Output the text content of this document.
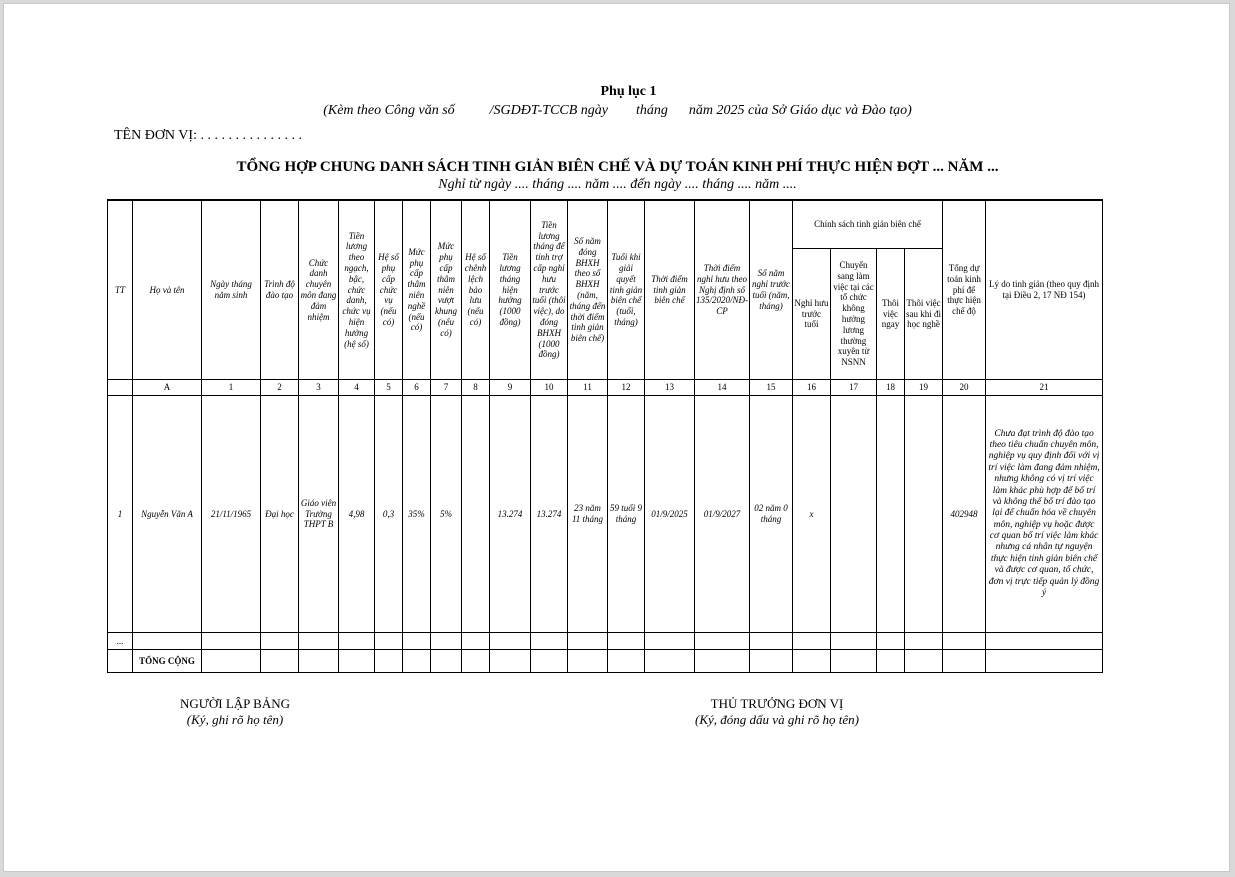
Phụ lục 1
(Kèm theo Công văn số          /SGDĐT-TCCB ngày        tháng      năm 2025 của Sở Giáo dục và Đào tạo)
TÊN ĐƠN VỊ: . . . . . . . . . . . . . . .
TỔNG HỢP CHUNG DANH SÁCH TINH GIẢN BIÊN CHẾ VÀ DỰ TOÁN KINH PHÍ THỰC HIỆN ĐỢT ... NĂM ...
Nghỉ từ ngày .... tháng .... năm .... đến ngày .... tháng .... năm ....
TT	Họ và tên	Ngày tháng năm sinh	Trình độ đào tạo	Chức danh chuyên môn đang đảm nhiệm	Tiền lương theo ngạch, bậc, chức danh, chức vụ hiện hưởng (hệ số)	Hệ số phụ cấp chức vụ (nếu có)	Mức phụ cấp thâm niên nghề (nếu có)	Mức phụ cấp thâm niên vượt khung (nếu có)	Hệ số chênh lệch bảo lưu (nếu có)	Tiền lương tháng hiện hưởng (1000 đồng)	Tiền lương tháng để tính trợ cấp nghỉ hưu trước tuổi (thôi việc), do đóng BHXH (1000 đồng)	Số năm đóng BHXH theo sổ BHXH (năm, tháng đến thời điểm tinh giản biên chế)	Tuổi khi giải quyết tinh giản biên chế (tuổi, tháng)	Thời điểm tinh giản biên chế	Thời điểm nghỉ hưu theo Nghị định số 135/2020/NĐ-CP	Số năm nghỉ trước tuổi (năm, tháng)	Chính sách tinh giản biên chế				Tổng dự toán kinh phí để thực hiện chế độ	Lý do tinh giản (theo quy định tại Điều 2, 17 NĐ 154)
																	Nghỉ hưu trước tuổi	Chuyển sang làm việc tại các tổ chức không hưởng lương thường xuyên từ NSNN	Thôi việc ngay	Thôi việc sau khi đi học nghề		
	A	1	2	3	4	5	6	7	8	9	10	11	12	13	14	15	16	17	18	19	20	21
1	Nguyễn Văn A	21/11/1965	Đại học	Giáo viên Trường THPT B	4,98	0,3	35%	5%		13.274	13.274	23 năm 11 tháng	59 tuổi 9 tháng	01/9/2025	01/9/2027	02 năm 0 tháng	x				402948	Chưa đạt trình độ đào tạo theo tiêu chuẩn chuyên môn, nghiệp vụ quy định đối với vị trí việc làm đang đảm nhiệm, nhưng không có vị trí việc làm khác phù hợp để bố trí và không thể bố trí đào tạo lại để chuẩn hóa về chuyên môn, nghiệp vụ hoặc được cơ quan bố trí việc làm khác nhưng cá nhân tự nguyện thực hiện tinh giản biên chế và được cơ quan, tổ chức, đơn vị trực tiếp quản lý đồng ý
...																						
	TỔNG CỘNG																					
NGƯỜI LẬP BẢNG
(Ký, ghi rõ họ tên)
THỦ TRƯỞNG ĐƠN VỊ
(Ký, đóng dấu và ghi rõ họ tên)
